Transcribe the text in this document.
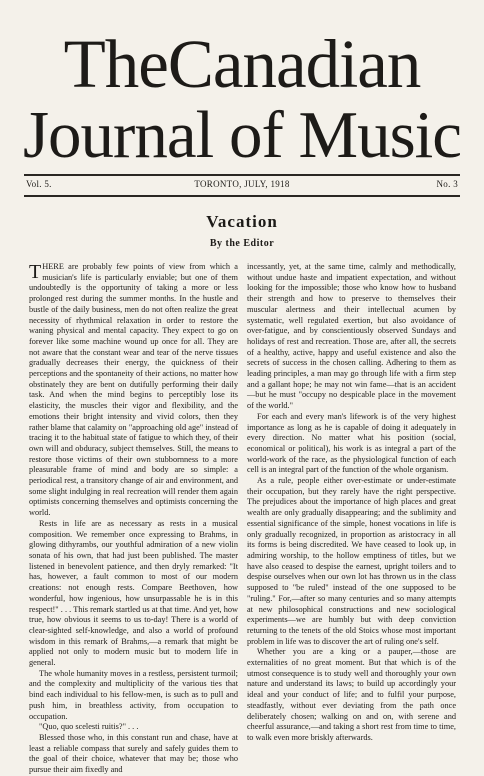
TheCanadian
Journal of Music
Vol. 5.	TORONTO, JULY, 1918	No. 3
Vacation
By the Editor

THERE are probably few points of view from which a musician's life is particularly enviable; but one of them undoubtedly is the opportunity of taking a more or less prolonged rest during the summer months. In the hustle and bustle of the daily business, men do not often realize the great necessity of rhythmical relaxation in order to restore the waning physical and mental capacity. They expect to go on forever like some machine wound up once for all. They are not aware that the constant wear and tear of the nerve tissues gradually decreases their energy, the quickness of their perceptions and the spontaneity of their actions, no matter how obstinately they are bent on dutifully performing their daily task. And when the mind begins to perceptibly lose its elasticity, the muscles their vigor and flexibility, and the emotions their bright intensity and vivid colors, then they rather blame that calamity on "approaching old age" instead of tracing it to the habitual state of fatigue to which they, of their own will and obduracy, subject themselves. Still, the means to restore those victims of their own stubbornness to a more pleasurable frame of mind and body are so simple: a periodical rest, a transitory change of air and environment, and some slight indulging in real recreation will render them again optimists concerning themselves and optimists concerning the world.

Rests in life are as necessary as rests in a musical composition. We remember once expressing to Brahms, in glowing dithyrambs, our youthful admiration of a new violin sonata of his own, that had just been published. The master listened in benevolent patience, and then dryly remarked: "It has, however, a fault common to most of our modern creations: not enough rests. Compare Beethoven, how wonderful, how ingenious, how unsurpassable he is in this respect!" . . . This remark startled us at that time. And yet, how true, how obvious it seems to us to-day! There is a world of clear-sighted self-knowledge, and also a world of profound wisdom in this remark of Brahms,—a remark that might be applied not only to modern music but to modern life in general.

The whole humanity moves in a restless, persistent turmoil; and the complexity and multiplicity of the various ties that bind each individual to his fellow-men, is such as to pull and push him, in breathless activity, from occupation to occupation.

"Quo, quo scelesti ruitis?" . . .

Blessed those who, in this constant run and chase, have at least a reliable compass that surely and safely guides them to the goal of their choice, whatever that may be; those who pursue their aim fixedly and

incessantly, yet, at the same time, calmly and methodically, without undue haste and impatient expectation, and without looking for the impossible; those who know how to husband their strength and how to preserve to themselves their muscular alertness and their intellectual acumen by systematic, well regulated exertion, but also avoidance of over-fatigue, and by conscientiously observed Sundays and holidays of rest and recreation. Those are, after all, the secrets of a healthy, active, happy and useful existence and also the secrets of success in the chosen calling. Adhering to them as leading principles, a man may go through life with a firm step and a gallant hope; he may not win fame—that is an accident—but he must "occupy no despicable place in the movement of the world."

For each and every man's lifework is of the very highest importance as long as he is capable of doing it adequately in every direction. No matter what his position (social, economical or political), his work is as integral a part of the world-work of the race, as the physiological function of each cell is an integral part of the function of the whole organism.

As a rule, people either over-estimate or under-estimate their occupation, but they rarely have the right perspective. The prejudices about the importance of high places and great wealth are only gradually disappearing; and the sublimity and essential significance of the simple, honest vocations in life is only gradually recognized, in proportion as aristocracy in all its forms is being discredited. We have ceased to look up, in admiring worship, to the hollow emptiness of titles, but we have also ceased to despise the earnest, upright toilers and to despise ourselves when our own lot has thrown us in the class supposed to "be ruled" instead of the one supposed to be "ruling." For,—after so many centuries and so many attempts at new philosophical constructions and new sociological experiments—we are humbly but with deep conviction returning to the tenets of the old Stoics whose most important problem in life was to discover the art of ruling one's self.

Whether you are a king or a pauper,—those are externalities of no great moment. But that which is of the utmost consequence is to study well and thoroughly your own nature and understand its laws; to build up accordingly your ideal and your conduct of life; and to fulfil your purpose, steadfastly, without ever deviating from the path once deliberately chosen; walking on and on, with serene and cheerful assurance,—and taking a short rest from time to time, to walk even more briskly afterwards.
